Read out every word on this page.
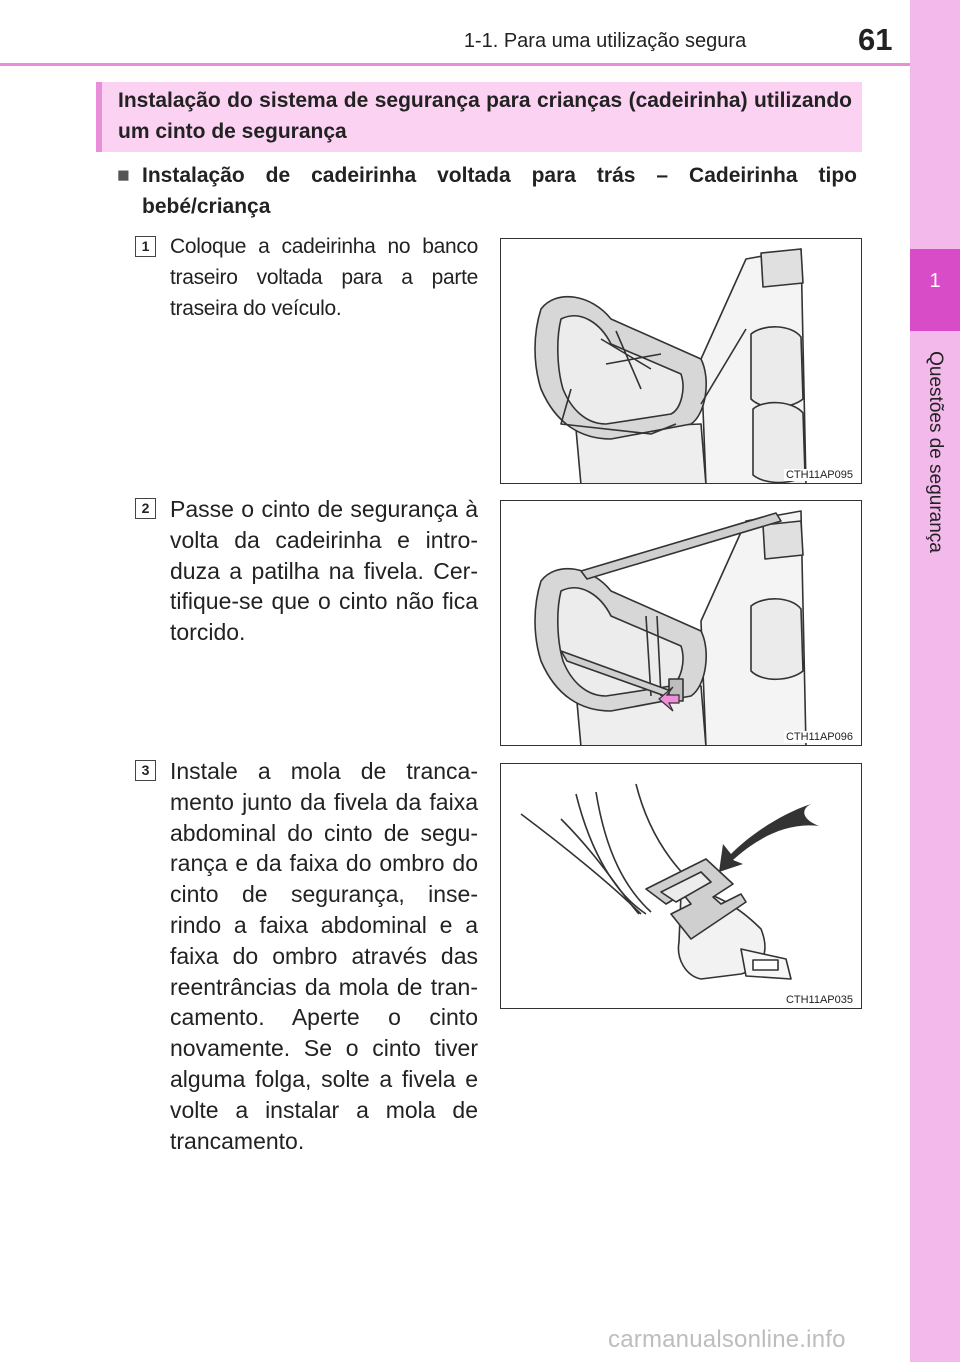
1-1. Para uma utilização segura	61
1
Questões de segurança
Instalação do sistema de segurança para crianças (cadeirinha) utilizando um cinto de segurança
■ Instalação de cadeirinha voltada para trás – Cadeirinha tipo bebé/criança
1 Coloque a cadeirinha no banco traseiro voltada para a parte traseira do veículo.
CTH11AP095
2 Passe o cinto de segurança à volta da cadeirinha e intro-duza a patilha na fivela. Cer-tifique-se que o cinto não fica torcido.
CTH11AP096
3 Instale a mola de tranca-mento junto da fivela da faixa abdominal do cinto de segu-rança e da faixa do ombro do cinto de segurança, inse-rindo a faixa abdominal e a faixa do ombro através das reentrâncias da mola de tran-camento. Aperte o cinto novamente. Se o cinto tiver alguma folga, solte a fivela e volte a instalar a mola de trancamento.
CTH11AP035
carmanualsonline.info
